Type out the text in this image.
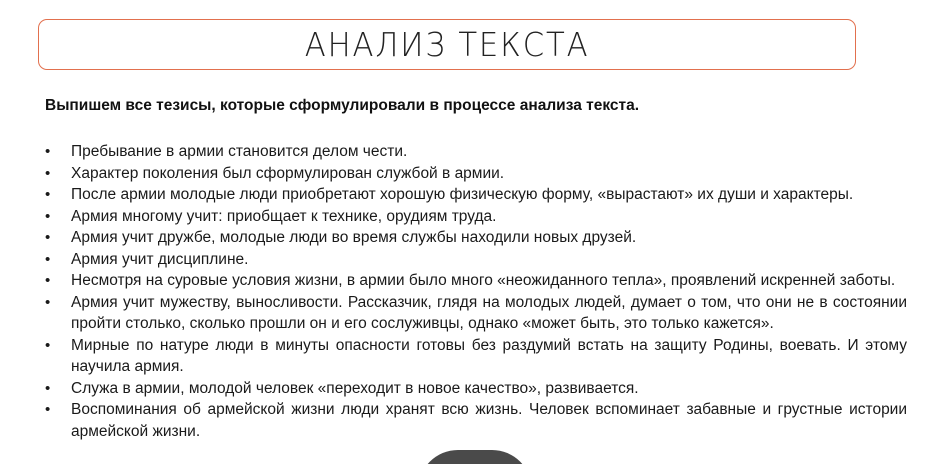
АНАЛИЗ ТЕКСТА
Выпишем все тезисы, которые сформулировали в процессе анализа текста.
• Пребывание в армии становится делом чести.
• Характер поколения был сформулирован службой в армии.
• После армии молодые люди приобретают хорошую физическую форму, «вырастают» их души и характеры.
• Армия многому учит: приобщает к технике, орудиям труда.
• Армия учит дружбе, молодые люди во время службы находили новых друзей.
• Армия учит дисциплине.
• Несмотря на суровые условия жизни, в армии было много «неожиданного тепла», проявлений искренней заботы.
• Армия учит мужеству, выносливости. Рассказчик, глядя на молодых людей, думает о том, что они не в состоянии пройти столько, сколько прошли он и его сослуживцы, однако «может быть, это только кажется».
• Мирные по натуре люди в минуты опасности готовы без раздумий встать на защиту Родины, воевать. И этому научила армия.
• Служа в армии, молодой человек «переходит в новое качество», развивается.
• Воспоминания об армейской жизни люди хранят всю жизнь. Человек вспоминает забавные и грустные истории армейской жизни.
